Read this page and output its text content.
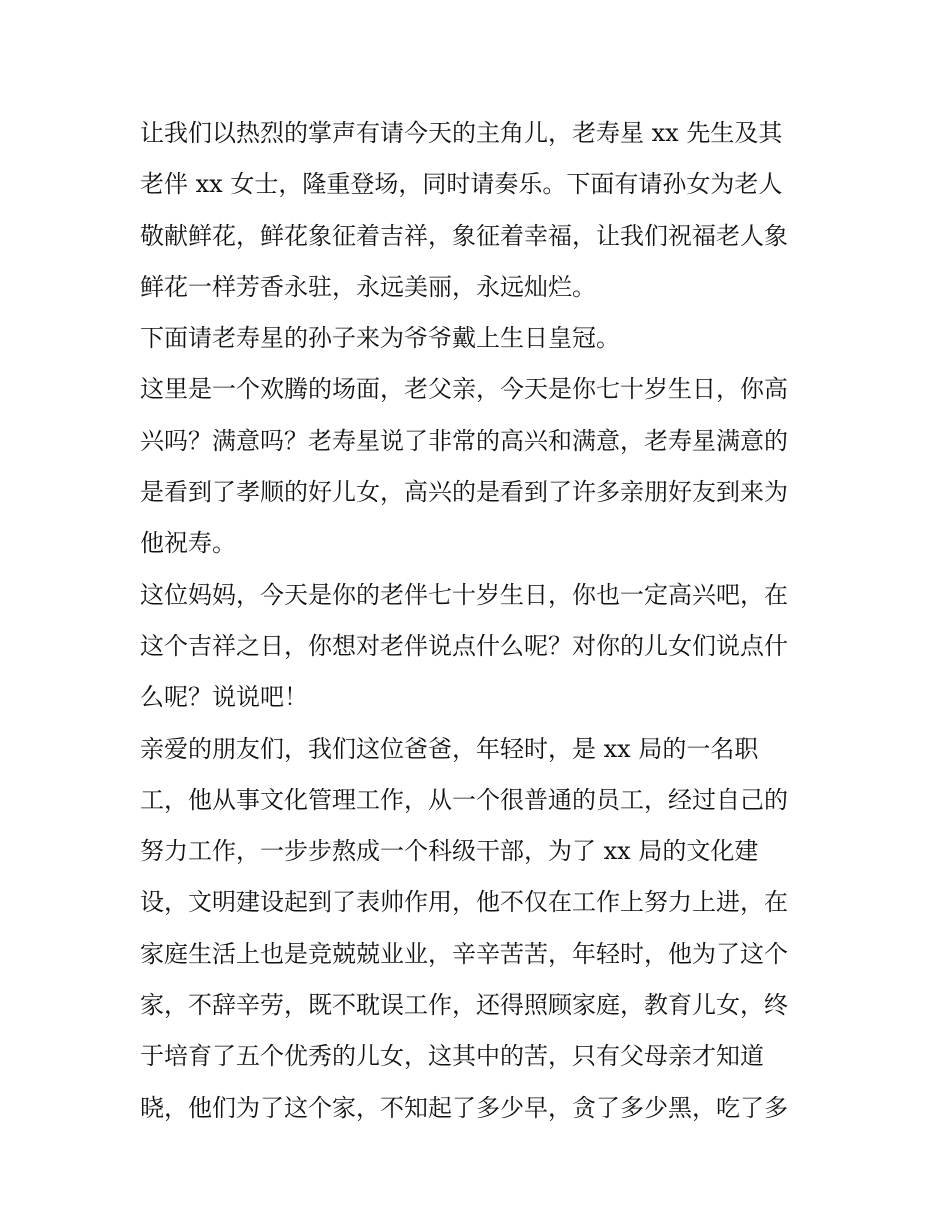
让我们以热烈的掌声有请今天的主角儿，老寿星 xx 先生及其
老伴 xx 女士，隆重登场，同时请奏乐。下面有请孙女为老人
敬献鲜花，鲜花象征着吉祥，象征着幸福，让我们祝福老人象
鲜花一样芳香永驻，永远美丽，永远灿烂。
下面请老寿星的孙子来为爷爷戴上生日皇冠。
这里是一个欢腾的场面，老父亲，今天是你七十岁生日，你高
兴吗？满意吗？老寿星说了非常的高兴和满意，老寿星满意的
是看到了孝顺的好儿女，高兴的是看到了许多亲朋好友到来为
他祝寿。
这位妈妈，今天是你的老伴七十岁生日，你也一定高兴吧，在
这个吉祥之日，你想对老伴说点什么呢？对你的儿女们说点什
么呢？说说吧！
亲爱的朋友们，我们这位爸爸，年轻时，是 xx 局的一名职
工，他从事文化管理工作，从一个很普通的员工，经过自己的
努力工作，一步步熬成一个科级干部，为了 xx 局的文化建
设，文明建设起到了表帅作用，他不仅在工作上努力上进，在
家庭生活上也是竞兢兢业业，辛辛苦苦，年轻时，他为了这个
家，不辞辛劳，既不耽误工作，还得照顾家庭，教育儿女，终
于培育了五个优秀的儿女，这其中的苦，只有父母亲才知道
晓，他们为了这个家，不知起了多少早，贪了多少黑，吃了多
